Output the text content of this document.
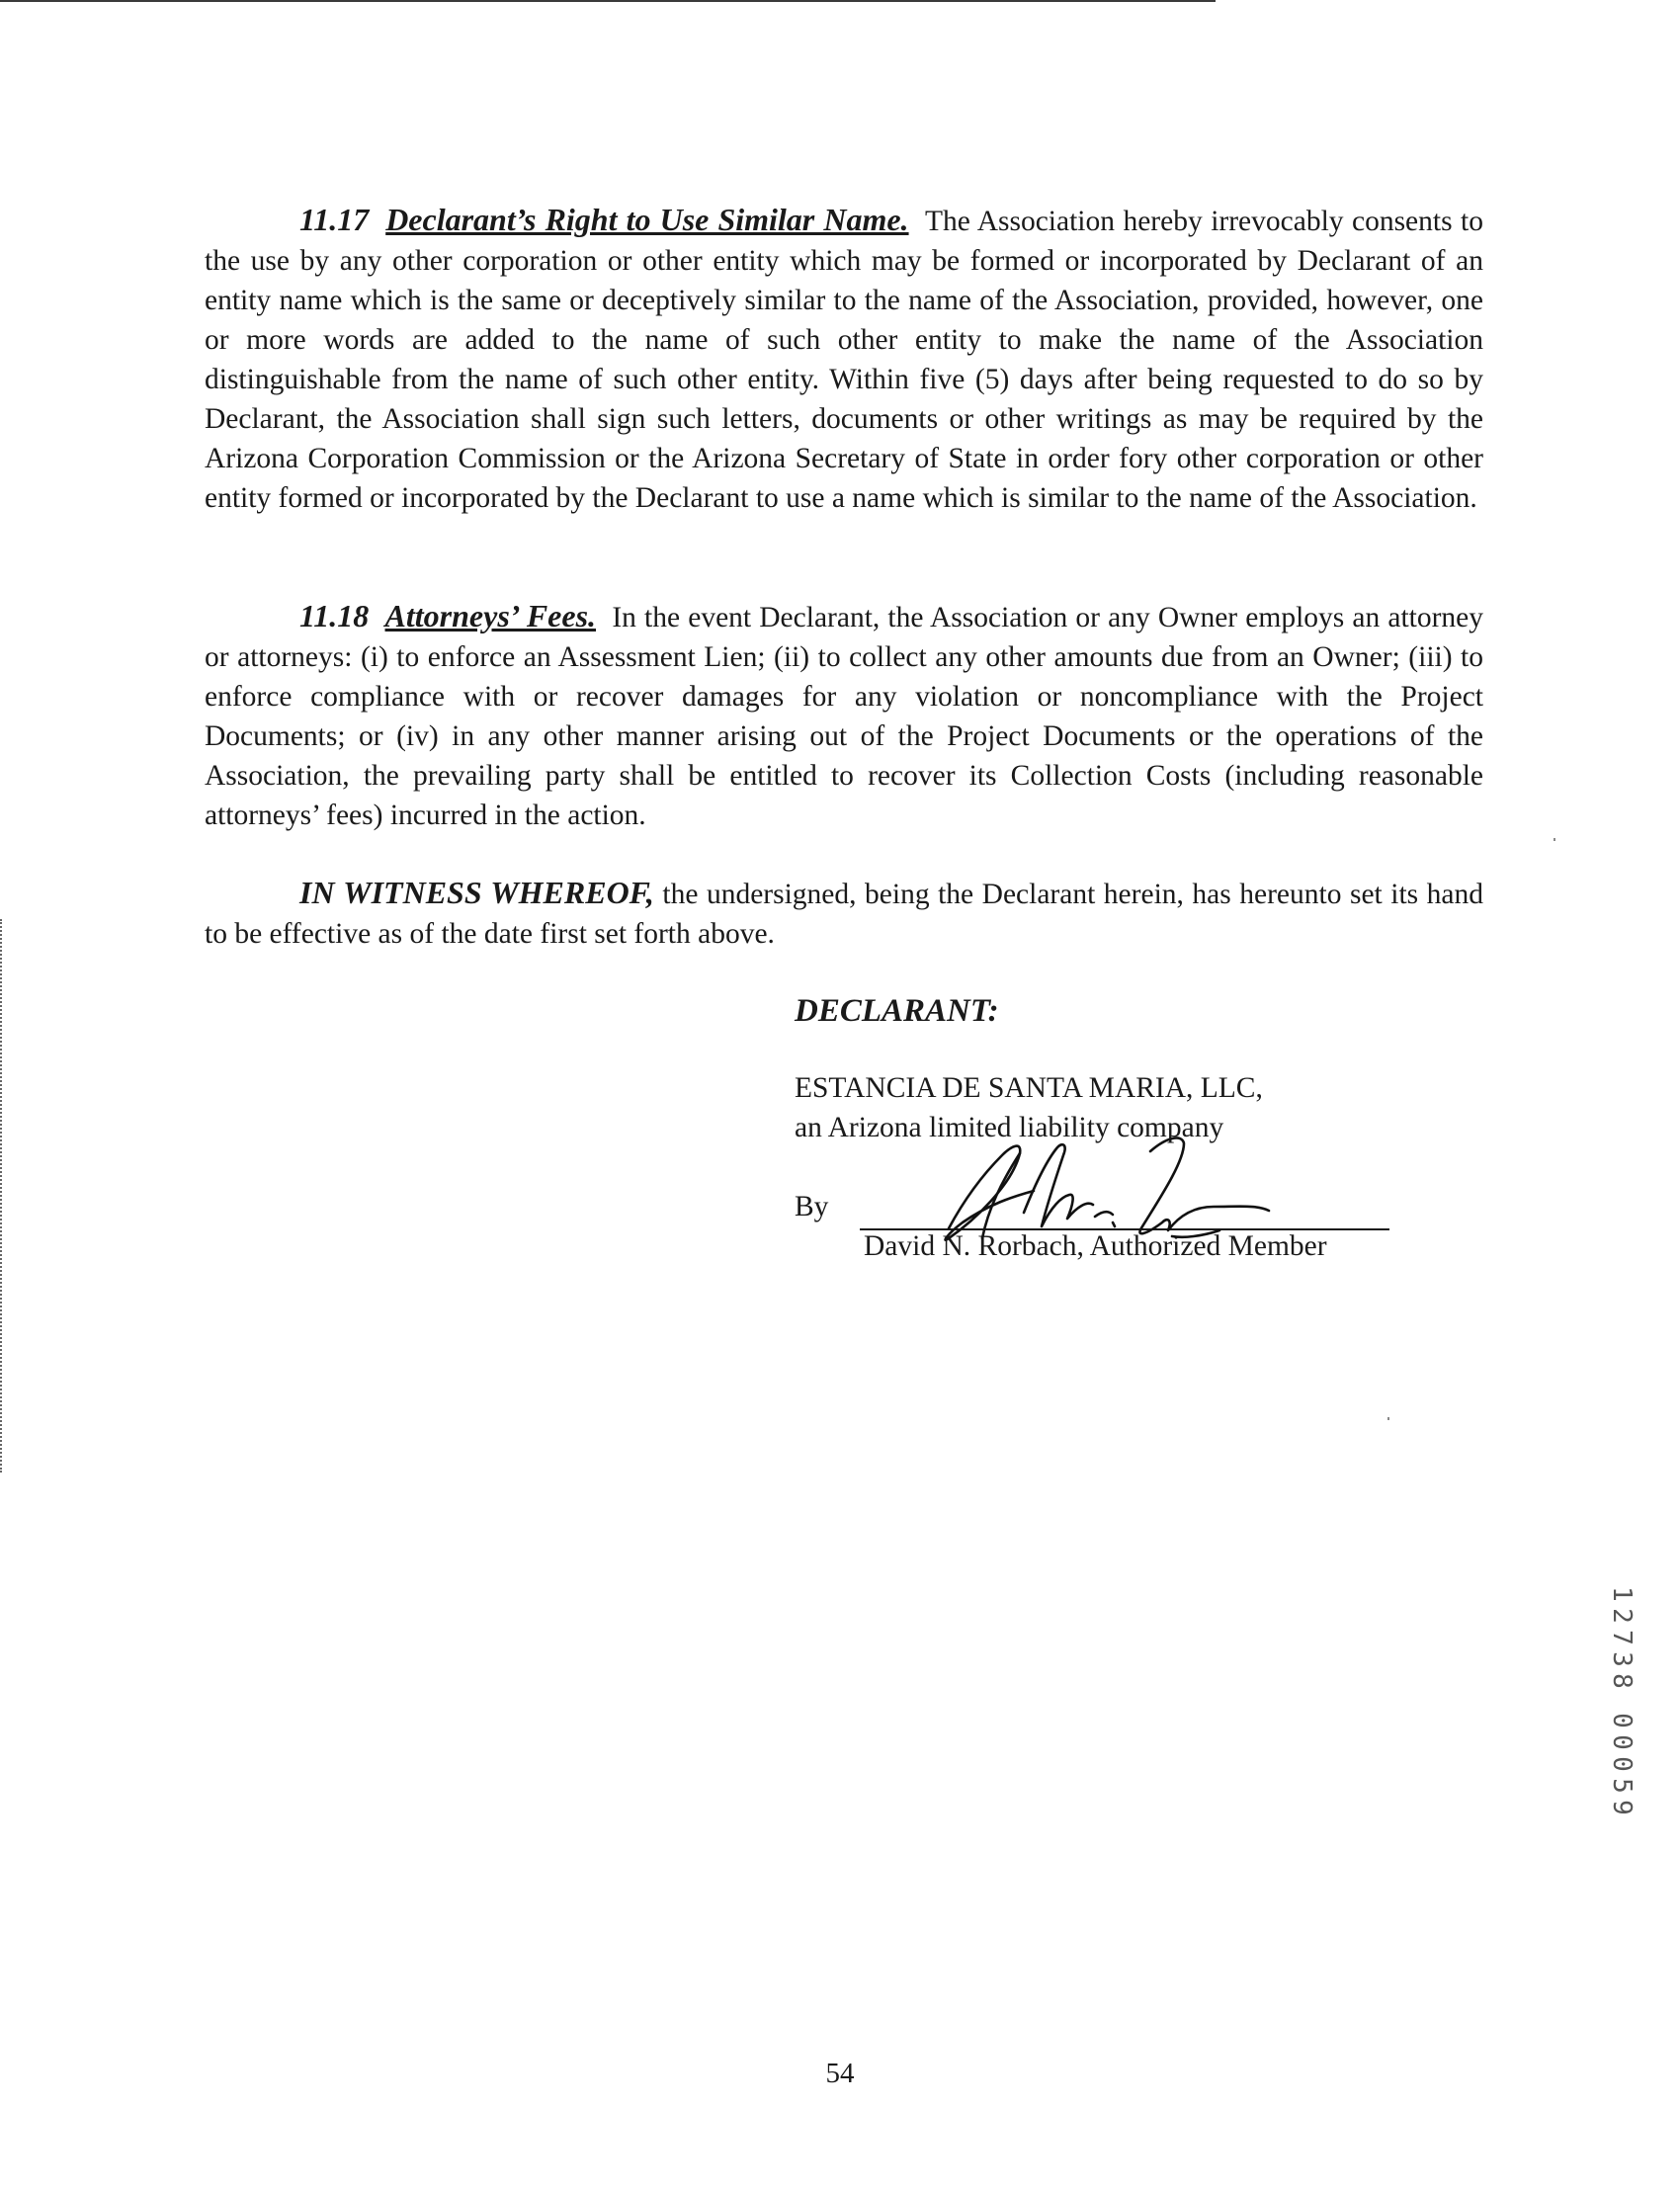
11.17 Declarant’s Right to Use Similar Name. The Association hereby irrevocably consents to the use by any other corporation or other entity which may be formed or incorporated by Declarant of an entity name which is the same or deceptively similar to the name of the Association, provided, however, one or more words are added to the name of such other entity to make the name of the Association distinguishable from the name of such other entity. Within five (5) days after being requested to do so by Declarant, the Association shall sign such letters, documents or other writings as may be required by the Arizona Corporation Commission or the Arizona Secretary of State in order fory other corporation or other entity formed or incorporated by the Declarant to use a name which is similar to the name of the Association.

11.18 Attorneys’ Fees. In the event Declarant, the Association or any Owner employs an attorney or attorneys: (i) to enforce an Assessment Lien; (ii) to collect any other amounts due from an Owner; (iii) to enforce compliance with or recover damages for any violation or noncompliance with the Project Documents; or (iv) in any other manner arising out of the Project Documents or the operations of the Association, the prevailing party shall be entitled to recover its Collection Costs (including reasonable attorneys’ fees) incurred in the action.

IN WITNESS WHEREOF, the undersigned, being the Declarant herein, has hereunto set its hand to be effective as of the date first set forth above.

DECLARANT:
ESTANCIA DE SANTA MARIA, LLC,
an Arizona limited liability company
By
David N. Rorbach, Authorized Member
54
1
2
7
3
8
0
0
0
5
9
